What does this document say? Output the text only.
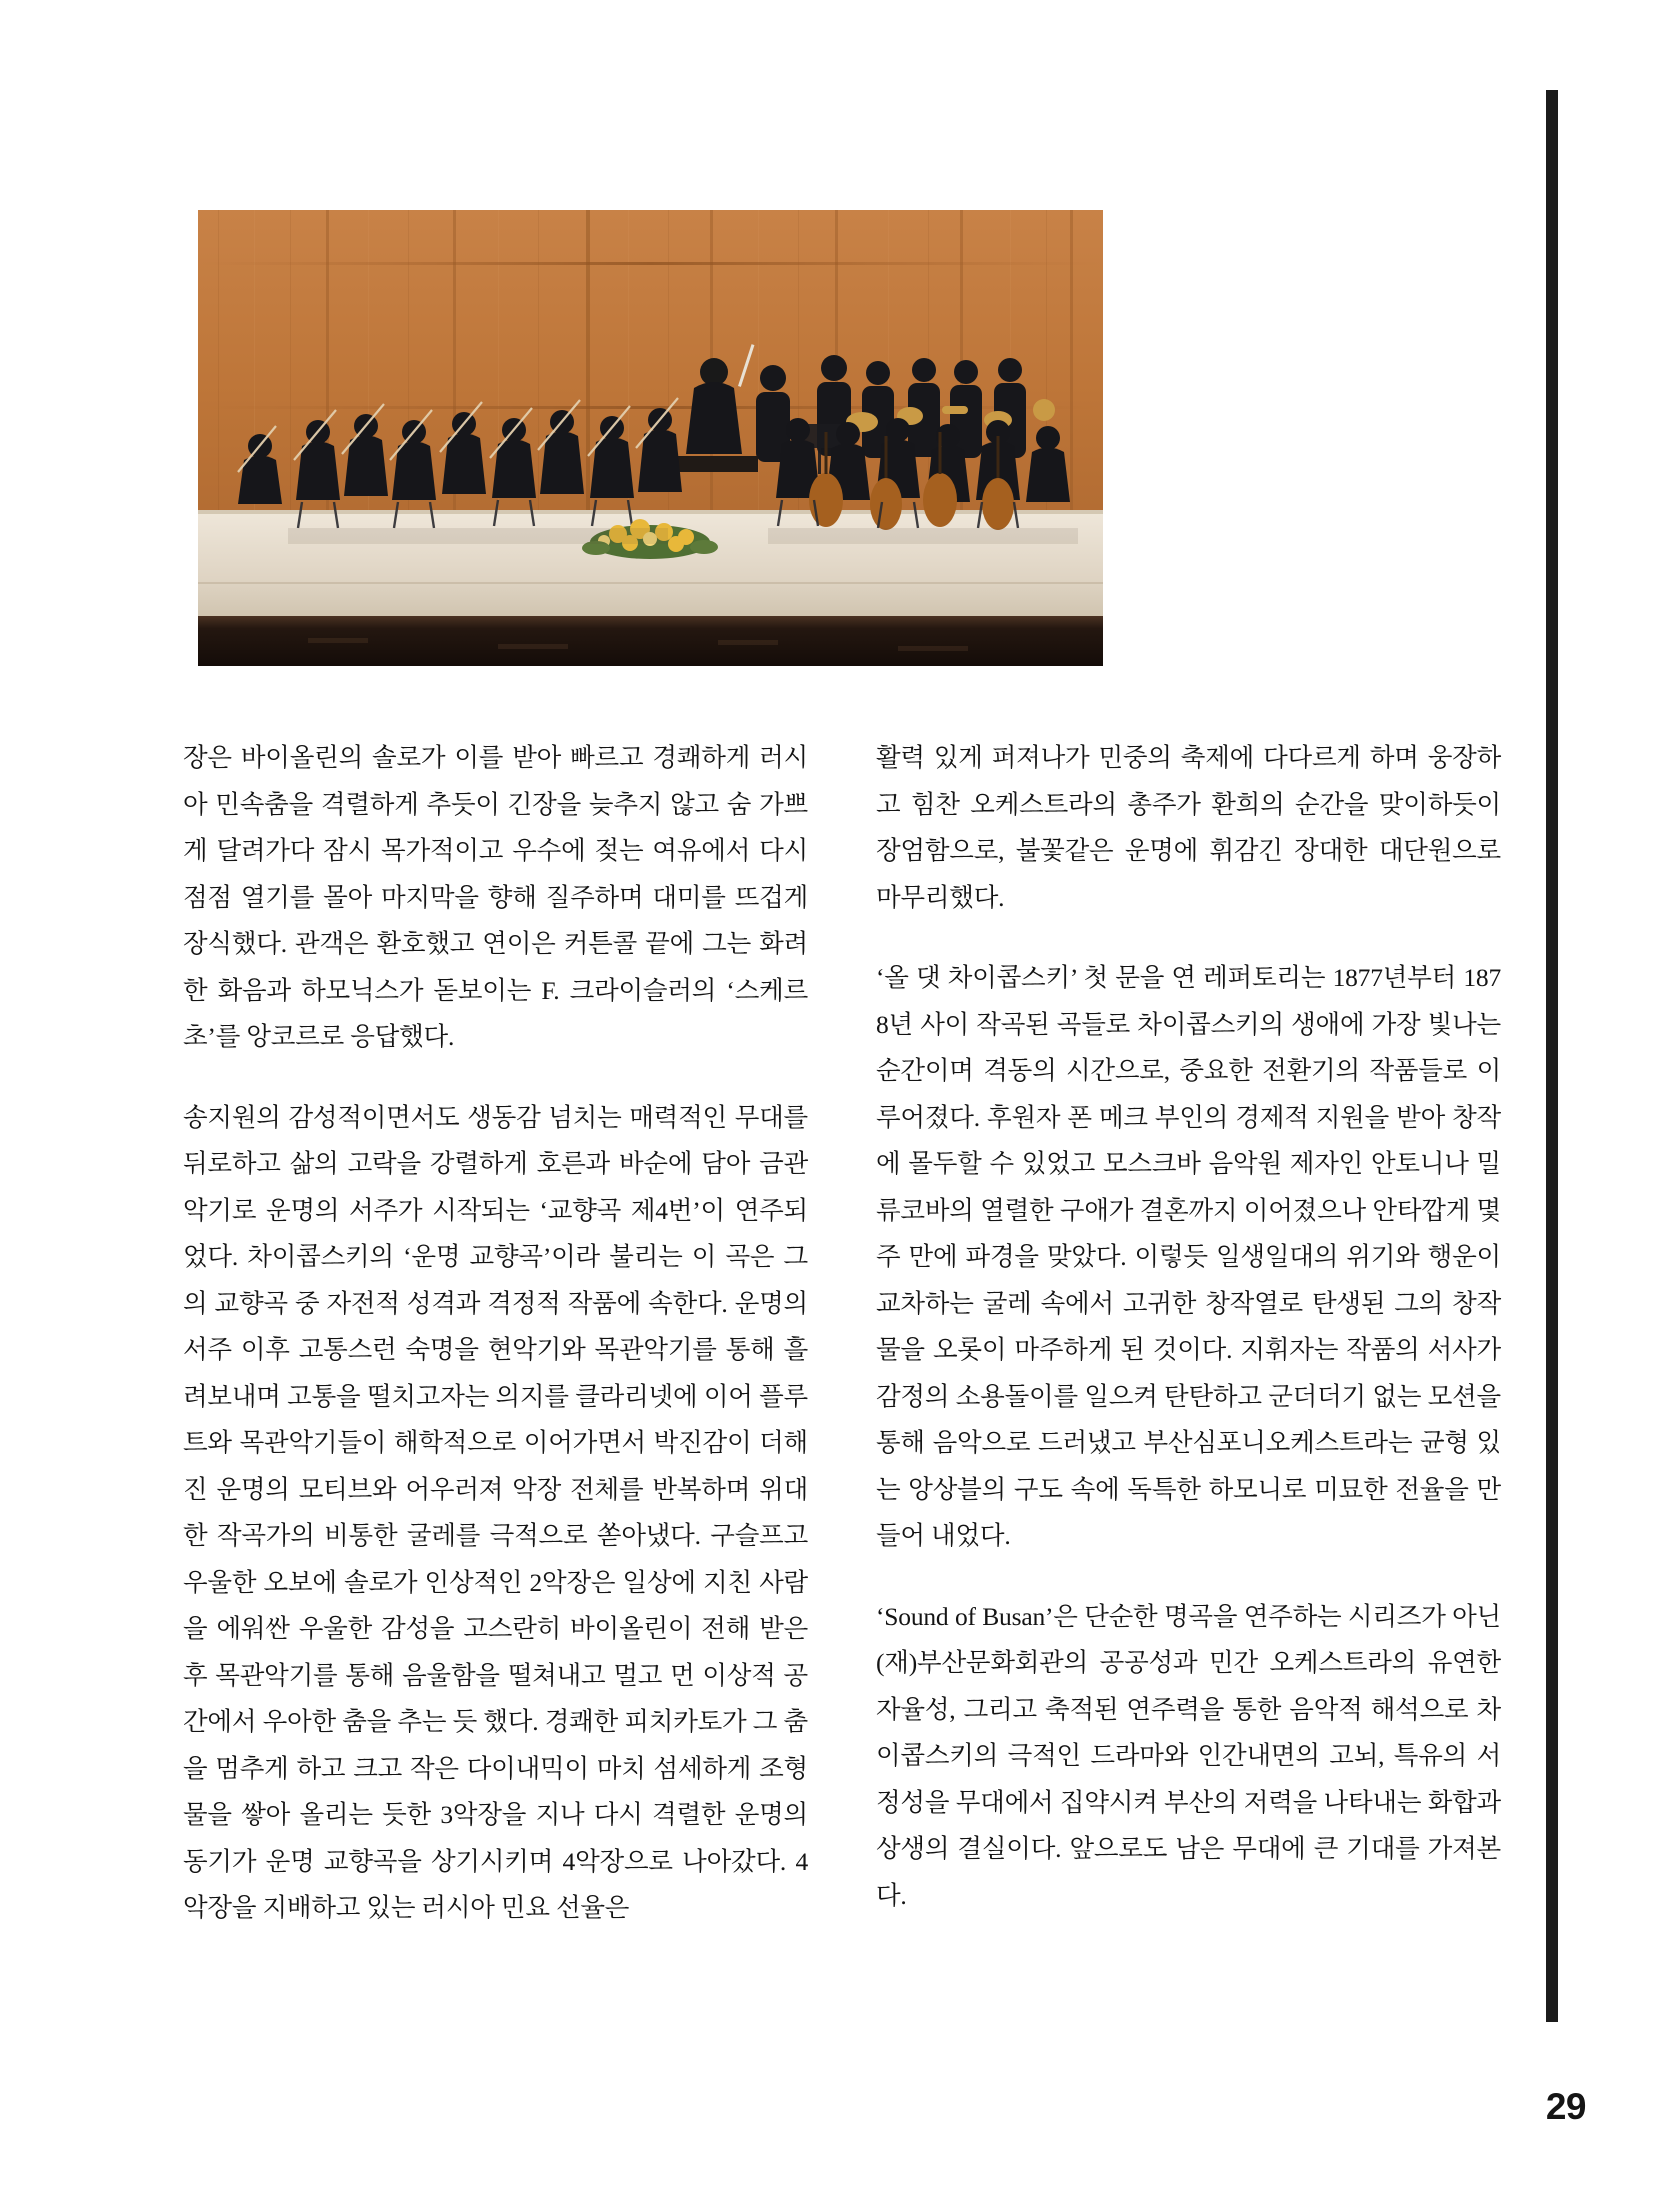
장은 바이올린의 솔로가 이를 받아 빠르고 경쾌하게 러시아 민속춤을 격렬하게 추듯이 긴장을 늦추지 않고 숨 가쁘게 달려가다 잠시 목가적이고 우수에 젖는 여유에서 다시 점점 열기를 몰아 마지막을 향해 질주하며 대미를 뜨겁게 장식했다. 관객은 환호했고 연이은 커튼콜 끝에 그는 화려한 화음과 하모닉스가 돋보이는 F. 크라이슬러의 ‘스케르초’를 앙코르로 응답했다.

송지원의 감성적이면서도 생동감 넘치는 매력적인 무대를 뒤로하고 삶의 고락을 강렬하게 호른과 바순에 담아 금관악기로 운명의 서주가 시작되는 ‘교향곡 제4번’이 연주되었다. 차이콥스키의 ‘운명 교향곡’이라 불리는 이 곡은 그의 교향곡 중 자전적 성격과 격정적 작품에 속한다. 운명의 서주 이후 고통스런 숙명을 현악기와 목관악기를 통해 흘려보내며 고통을 떨치고자는 의지를 클라리넷에 이어 플루트와 목관악기들이 해학적으로 이어가면서 박진감이 더해진 운명의 모티브와 어우러져 악장 전체를 반복하며 위대한 작곡가의 비통한 굴레를 극적으로 쏟아냈다. 구슬프고 우울한 오보에 솔로가 인상적인 2악장은 일상에 지친 사람을 에워싼 우울한 감성을 고스란히 바이올린이 전해 받은 후 목관악기를 통해 음울함을 떨쳐내고 멀고 먼 이상적 공간에서 우아한 춤을 추는 듯 했다. 경쾌한 피치카토가 그 춤을 멈추게 하고 크고 작은 다이내믹이 마치 섬세하게 조형물을 쌓아 올리는 듯한 3악장을 지나 다시 격렬한 운명의 동기가 운명 교향곡을 상기시키며 4악장으로 나아갔다. 4악장을 지배하고 있는 러시아 민요 선율은

활력 있게 퍼져나가 민중의 축제에 다다르게 하며 웅장하고 힘찬 오케스트라의 총주가 환희의 순간을 맞이하듯이 장엄함으로, 불꽃같은 운명에 휘감긴 장대한 대단원으로 마무리했다.

‘올 댓 차이콥스키’ 첫 문을 연 레퍼토리는 1877년부터 1878년 사이 작곡된 곡들로 차이콥스키의 생애에 가장 빛나는 순간이며 격동의 시간으로, 중요한 전환기의 작품들로 이루어졌다. 후원자 폰 메크 부인의 경제적 지원을 받아 창작에 몰두할 수 있었고 모스크바 음악원 제자인 안토니나 밀류코바의 열렬한 구애가 결혼까지 이어졌으나 안타깝게 몇 주 만에 파경을 맞았다. 이렇듯 일생일대의 위기와 행운이 교차하는 굴레 속에서 고귀한 창작열로 탄생된 그의 창작물을 오롯이 마주하게 된 것이다. 지휘자는 작품의 서사가 감정의 소용돌이를 일으켜 탄탄하고 군더더기 없는 모션을 통해 음악으로 드러냈고 부산심포니오케스트라는 균형 있는 앙상블의 구도 속에 독특한 하모니로 미묘한 전율을 만들어 내었다.

‘Sound of Busan’은 단순한 명곡을 연주하는 시리즈가 아닌 (재)부산문화회관의 공공성과 민간 오케스트라의 유연한 자율성, 그리고 축적된 연주력을 통한 음악적 해석으로 차이콥스키의 극적인 드라마와 인간내면의 고뇌, 특유의 서정성을 무대에서 집약시켜 부산의 저력을 나타내는 화합과 상생의 결실이다. 앞으로도 남은 무대에 큰 기대를 가져본다.

29
